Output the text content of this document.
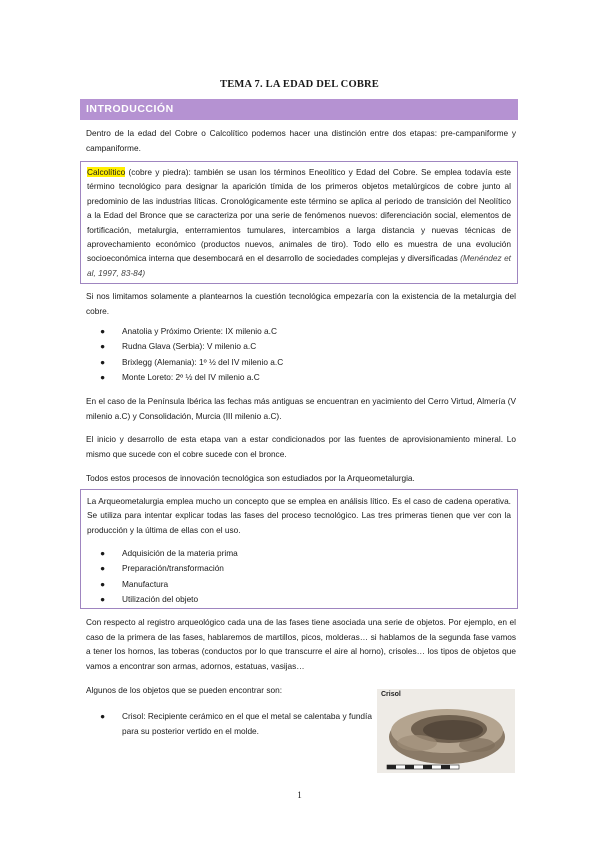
TEMA 7. LA EDAD DEL COBRE
INTRODUCCIÓN

Dentro de la edad del Cobre o Calcolítico podemos hacer una distinción entre dos etapas: pre-campaniforme y campaniforme.

Calcolítico (cobre y piedra): también se usan los términos Eneolítico y Edad del Cobre. Se emplea todavía este término tecnológico para designar la aparición tímida de los primeros objetos metalúrgicos de cobre junto al predominio de las industrias líticas. Cronológicamente este término se aplica al periodo de transición del Neolítico a la Edad del Bronce que se caracteriza por una serie de fenómenos nuevos: diferenciación social, elementos de fortificación, metalurgia, enterramientos tumulares, intercambios a larga distancia y nuevas técnicas de aprovechamiento económico (productos nuevos, animales de tiro). Todo ello es muestra de una evolución socioeconómica interna que desembocará en el desarrollo de sociedades complejas y diversificadas (Menéndez et al, 1997, 83-84)

Si nos limitamos solamente a plantearnos la cuestión tecnológica empezaría con la existencia de la metalurgia del cobre.

● Anatolia y Próximo Oriente: IX milenio a.C
● Rudna Glava (Serbia): V milenio a.C
● Brixlegg (Alemania): 1º ½ del IV milenio a.C
● Monte Loreto: 2º ½ del IV milenio a.C

En el caso de la Península Ibérica las fechas más antiguas se encuentran en yacimiento del Cerro Virtud, Almería (V milenio a.C) y Consolidación, Murcia (III milenio a.C).

El inicio y desarrollo de esta etapa van a estar condicionados por las fuentes de aprovisionamiento mineral. Lo mismo que sucede con el cobre sucede con el bronce.

Todos estos procesos de innovación tecnológica son estudiados por la Arqueometalurgia.

La Arqueometalurgia emplea mucho un concepto que se emplea en análisis lítico. Es el caso de cadena operativa. Se utiliza para intentar explicar todas las fases del proceso tecnológico. Las tres primeras tienen que ver con la producción y la última de ellas con el uso.
● Adquisición de la materia prima
● Preparación/transformación
● Manufactura
● Utilización del objeto

Con respecto al registro arqueológico cada una de las fases tiene asociada una serie de objetos. Por ejemplo, en el caso de la primera de las fases, hablaremos de martillos, picos, molderas… si hablamos de la segunda fase vamos a tener los hornos, las toberas (conductos por lo que transcurre el aire al horno), crisoles… los tipos de objetos que vamos a encontrar son armas, adornos, estatuas, vasijas…

Algunos de los objetos que se pueden encontrar son:

● Crisol: Recipiente cerámico en el que el metal se calentaba y fundía para su posterior vertido en el molde.
Crisol
1
